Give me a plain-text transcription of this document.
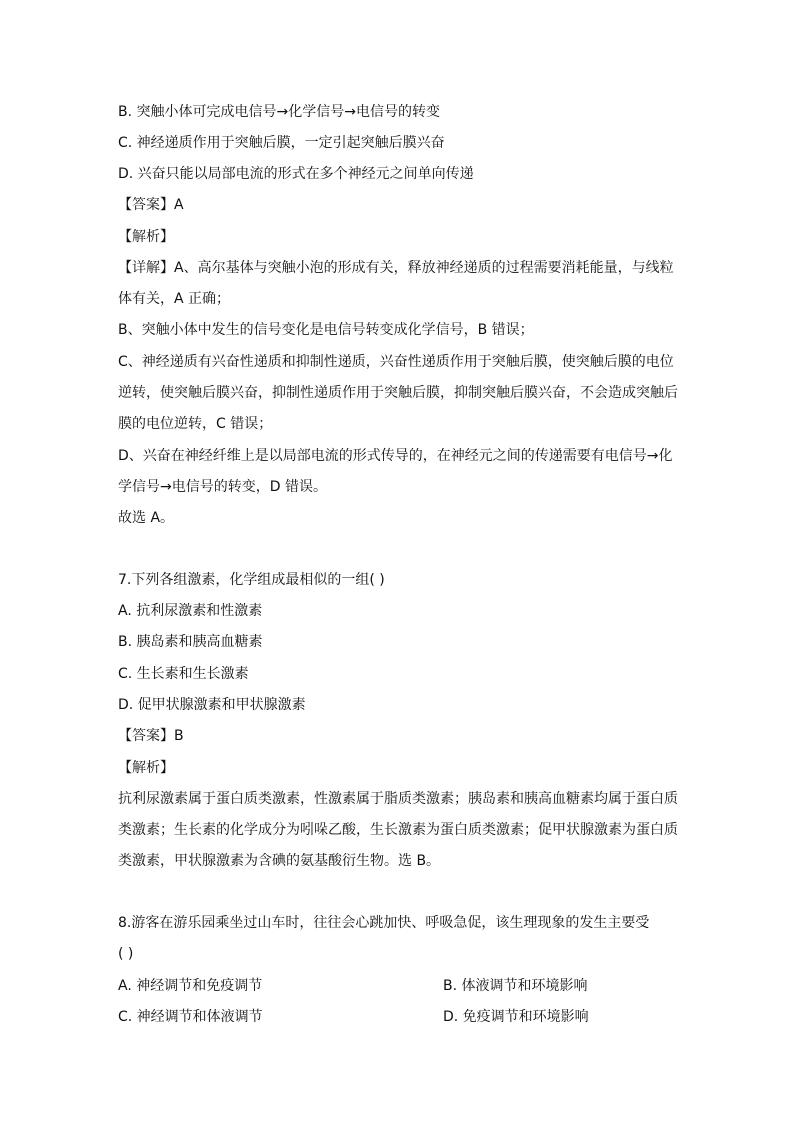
B. 突触小体可完成电信号→化学信号→电信号的转变
C. 神经递质作用于突触后膜，一定引起突触后膜兴奋
D. 兴奋只能以局部电流的形式在多个神经元之间单向传递
【答案】A
【解析】
【详解】A、高尔基体与突触小泡的形成有关，释放神经递质的过程需要消耗能量，与线粒
体有关，A 正确；
B、突触小体中发生的信号变化是电信号转变成化学信号，B 错误；
C、神经递质有兴奋性递质和抑制性递质，兴奋性递质作用于突触后膜，使突触后膜的电位
逆转，使突触后膜兴奋，抑制性递质作用于突触后膜，抑制突触后膜兴奋，不会造成突触后
膜的电位逆转，C 错误；
D、兴奋在神经纤维上是以局部电流的形式传导的，在神经元之间的传递需要有电信号→化
学信号→电信号的转变，D 错误。
故选 A。
7.下列各组激素，化学组成最相似的一组( )
A. 抗利尿激素和性激素
B. 胰岛素和胰高血糖素
C. 生长素和生长激素
D. 促甲状腺激素和甲状腺激素
【答案】B
【解析】
抗利尿激素属于蛋白质类激素，性激素属于脂质类激素；胰岛素和胰高血糖素均属于蛋白质
类激素；生长素的化学成分为吲哚乙酸，生长激素为蛋白质类激素；促甲状腺激素为蛋白质
类激素，甲状腺激素为含碘的氨基酸衍生物。选 B。
8.游客在游乐园乘坐过山车时，往往会心跳加快、呼吸急促，该生理现象的发生主要受
( )
A. 神经调节和免疫调节	B. 体液调节和环境影响
C. 神经调节和体液调节	D. 免疫调节和环境影响
